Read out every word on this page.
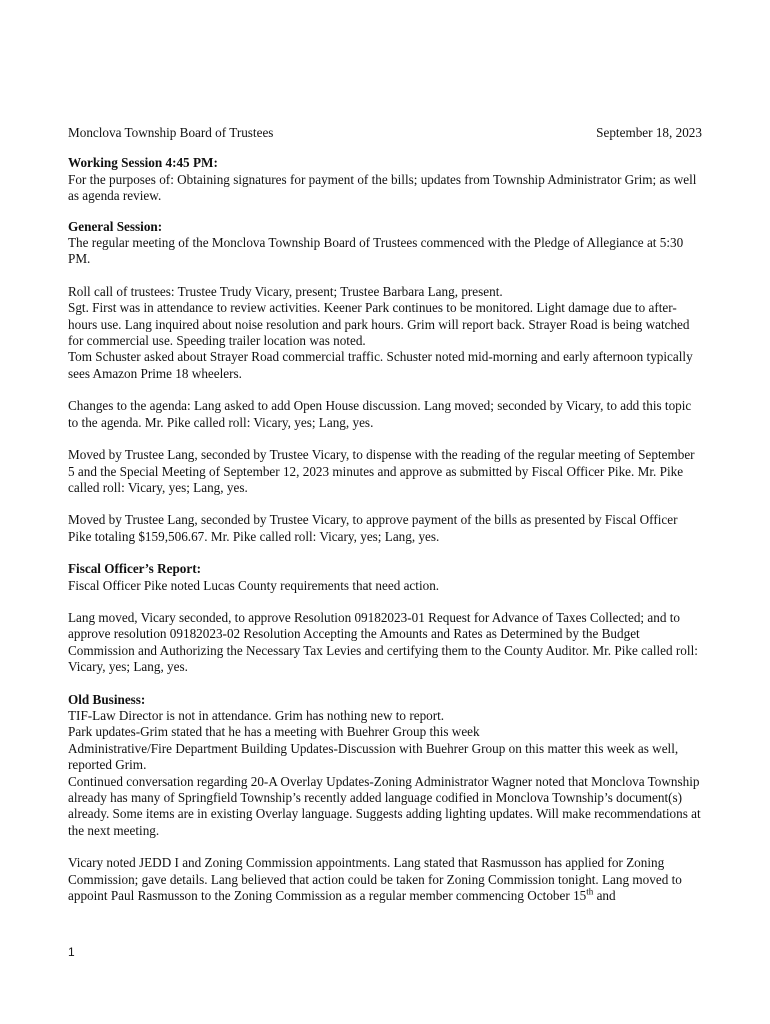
Monclova Township Board of Trustees	September 18, 2023
Working Session 4:45 PM:
For the purposes of: Obtaining signatures for payment of the bills; updates from Township Administrator Grim; as well as agenda review.
General Session:
The regular meeting of the Monclova Township Board of Trustees commenced with the Pledge of Allegiance at 5:30 PM.
Roll call of trustees: Trustee Trudy Vicary, present; Trustee Barbara Lang, present.
Sgt. First was in attendance to review activities. Keener Park continues to be monitored. Light damage due to after-hours use. Lang inquired about noise resolution and park hours. Grim will report back. Strayer Road is being watched for commercial use. Speeding trailer location was noted.
Tom Schuster asked about Strayer Road commercial traffic. Schuster noted mid-morning and early afternoon typically sees Amazon Prime 18 wheelers.
Changes to the agenda: Lang asked to add Open House discussion. Lang moved; seconded by Vicary, to add this topic to the agenda. Mr. Pike called roll: Vicary, yes; Lang, yes.
Moved by Trustee Lang, seconded by Trustee Vicary, to dispense with the reading of the regular meeting of September 5 and the Special Meeting of September 12, 2023 minutes and approve as submitted by Fiscal Officer Pike. Mr. Pike called roll: Vicary, yes; Lang, yes.
Moved by Trustee Lang, seconded by Trustee Vicary, to approve payment of the bills as presented by Fiscal Officer Pike totaling $159,506.67. Mr. Pike called roll: Vicary, yes; Lang, yes.
Fiscal Officer’s Report:
Fiscal Officer Pike noted Lucas County requirements that need action.
Lang moved, Vicary seconded, to approve Resolution 09182023-01 Request for Advance of Taxes Collected; and to approve resolution 09182023-02 Resolution Accepting the Amounts and Rates as Determined by the Budget Commission and Authorizing the Necessary Tax Levies and certifying them to the County Auditor. Mr. Pike called roll: Vicary, yes; Lang, yes.
Old Business:
TIF-Law Director is not in attendance. Grim has nothing new to report.
Park updates-Grim stated that he has a meeting with Buehrer Group this week
Administrative/Fire Department Building Updates-Discussion with Buehrer Group on this matter this week as well, reported Grim.
Continued conversation regarding 20-A Overlay Updates-Zoning Administrator Wagner noted that Monclova Township already has many of Springfield Township’s recently added language codified in Monclova Township’s document(s) already. Some items are in existing Overlay language. Suggests adding lighting updates. Will make recommendations at the next meeting.
Vicary noted JEDD I and Zoning Commission appointments. Lang stated that Rasmusson has applied for Zoning Commission; gave details. Lang believed that action could be taken for Zoning Commission tonight. Lang moved to appoint Paul Rasmusson to the Zoning Commission as a regular member commencing October 15th and
1
